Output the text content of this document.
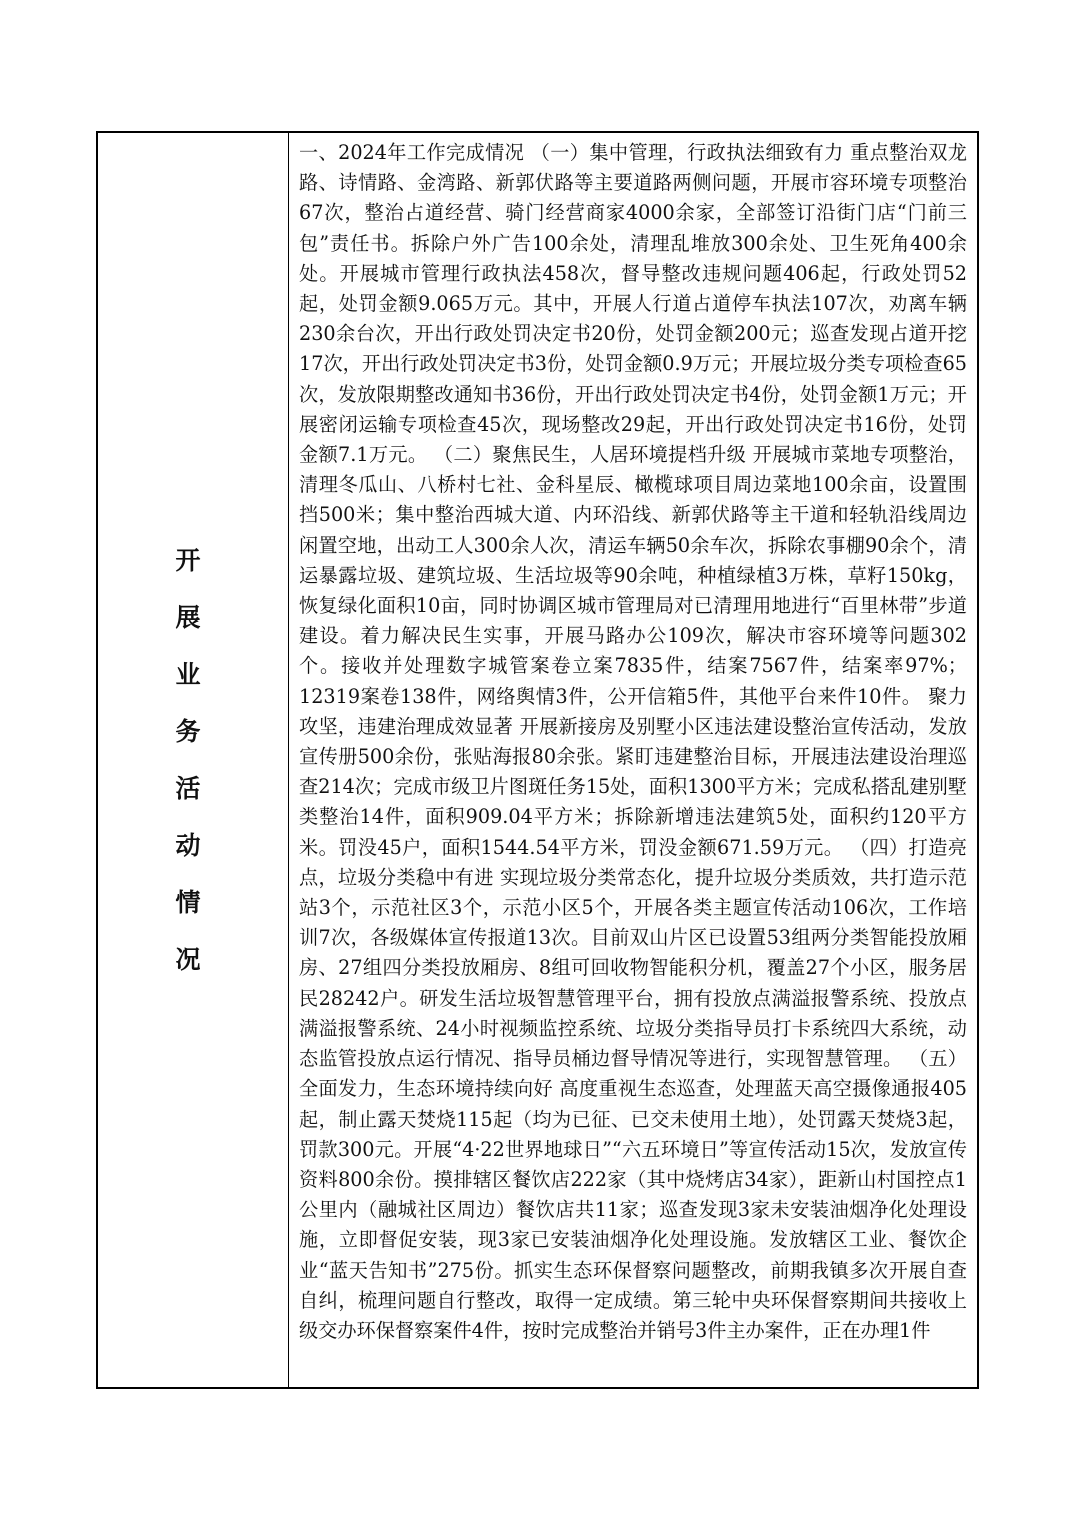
开
展
业
务
活
动
情
况

一、2024年工作完成情况 （一）集中管理，行政执法细致有力 重点整治双龙路、诗情路、金湾路、新郭伏路等主要道路两侧问题，开展市容环境专项整治67次，整治占道经营、骑门经营商家4000余家，全部签订沿街门店“门前三包”责任书。拆除户外广告100余处，清理乱堆放300余处、卫生死角400余处。开展城市管理行政执法458次，督导整改违规问题406起，行政处罚52起，处罚金额9.065万元。其中，开展人行道占道停车执法107次，劝离车辆230余台次，开出行政处罚决定书20份，处罚金额200元；巡查发现占道开挖17次，开出行政处罚决定书3份，处罚金额0.9万元；开展垃圾分类专项检查65次，发放限期整改通知书36份，开出行政处罚决定书4份，处罚金额1万元；开展密闭运输专项检查45次，现场整改29起，开出行政处罚决定书16份，处罚金额7.1万元。 （二）聚焦民生，人居环境提档升级 开展城市菜地专项整治，清理冬瓜山、八桥村七社、金科星辰、橄榄球项目周边菜地100余亩，设置围挡500米；集中整治西城大道、内环沿线、新郭伏路等主干道和轻轨沿线周边闲置空地，出动工人300余人次，清运车辆50余车次，拆除农事棚90余个，清运暴露垃圾、建筑垃圾、生活垃圾等90余吨，种植绿植3万株，草籽150kg，恢复绿化面积10亩，同时协调区城市管理局对已清理用地进行“百里林带”步道建设。着力解决民生实事，开展马路办公109次，解决市容环境等问题302个。接收并处理数字城管案卷立案7835件，结案7567件，结案率97%；12319案卷138件，网络舆情3件，公开信箱5件，其他平台来件10件。 聚力攻坚，违建治理成效显著 开展新接房及别墅小区违法建设整治宣传活动，发放宣传册500余份，张贴海报80余张。紧盯违建整治目标，开展违法建设治理巡查214次；完成市级卫片图斑任务15处，面积1300平方米；完成私搭乱建别墅类整治14件，面积909.04平方米；拆除新增违法建筑5处，面积约120平方米。罚没45户，面积1544.54平方米，罚没金额671.59万元。 （四）打造亮点，垃圾分类稳中有进 实现垃圾分类常态化，提升垃圾分类质效，共打造示范站3个，示范社区3个，示范小区5个，开展各类主题宣传活动106次，工作培训7次，各级媒体宣传报道13次。目前双山片区已设置53组两分类智能投放厢房、27组四分类投放厢房、8组可回收物智能积分机，覆盖27个小区，服务居民28242户。研发生活垃圾智慧管理平台，拥有投放点满溢报警系统、投放点满溢报警系统、24小时视频监控系统、垃圾分类指导员打卡系统四大系统，动态监管投放点运行情况、指导员桶边督导情况等进行，实现智慧管理。 （五）全面发力，生态环境持续向好 高度重视生态巡查，处理蓝天高空摄像通报405起，制止露天焚烧115起（均为已征、已交未使用土地），处罚露天焚烧3起，罚款300元。开展“4·22世界地球日”“六五环境日”等宣传活动15次，发放宣传资料800余份。摸排辖区餐饮店222家（其中烧烤店34家），距新山村国控点1公里内（融城社区周边）餐饮店共11家；巡查发现3家未安装油烟净化处理设施，立即督促安装，现3家已安装油烟净化处理设施。发放辖区工业、餐饮企业“蓝天告知书”275份。抓实生态环保督察问题整改，前期我镇多次开展自查自纠，梳理问题自行整改，取得一定成绩。第三轮中央环保督察期间共接收上级交办环保督察案件4件，按时完成整治并销号3件主办案件，正在办理1件
